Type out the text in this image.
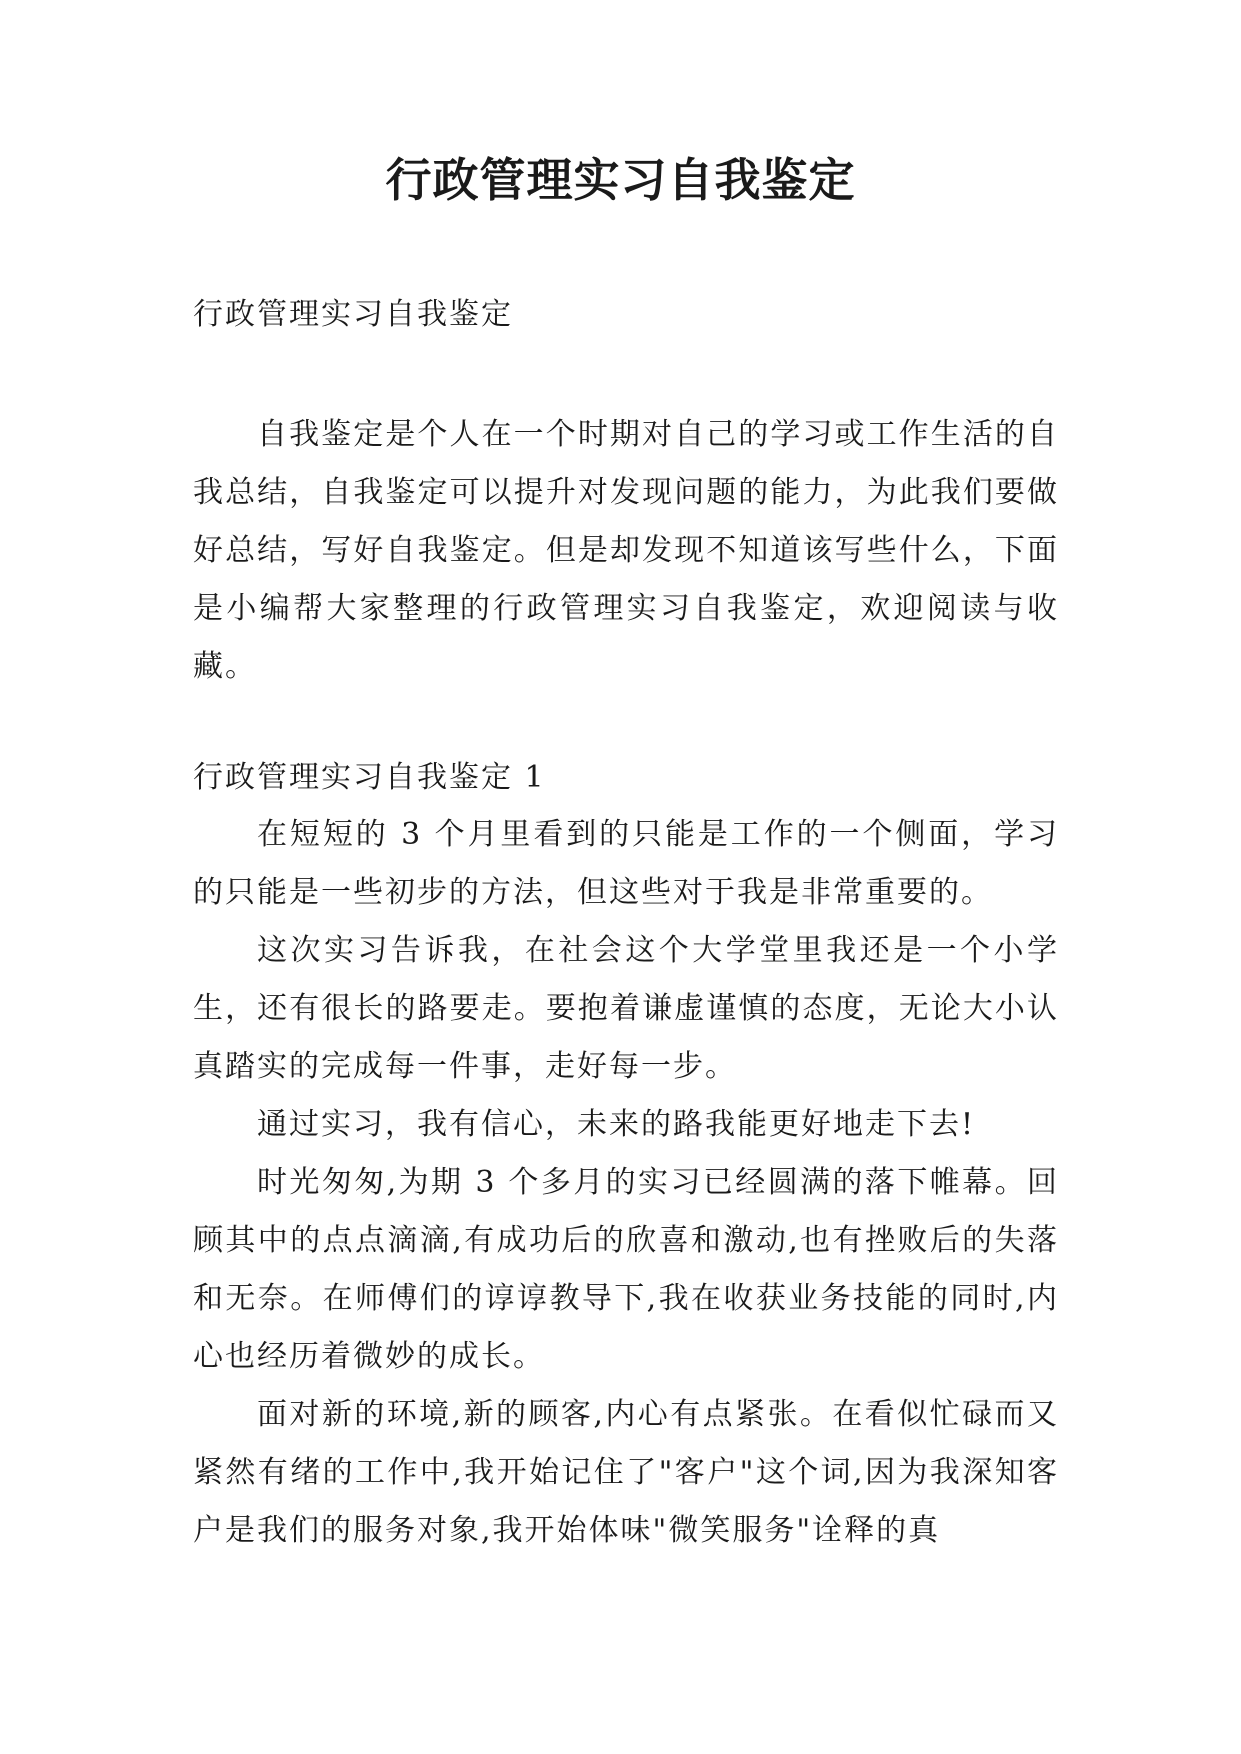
行政管理实习自我鉴定

行政管理实习自我鉴定

自我鉴定是个人在一个时期对自己的学习或工作生活的自我总结，自我鉴定可以提升对发现问题的能力，为此我们要做好总结，写好自我鉴定。但是却发现不知道该写些什么，下面是小编帮大家整理的行政管理实习自我鉴定，欢迎阅读与收藏。

行政管理实习自我鉴定 1

在短短的 3 个月里看到的只能是工作的一个侧面，学习的只能是一些初步的方法，但这些对于我是非常重要的。

这次实习告诉我，在社会这个大学堂里我还是一个小学生，还有很长的路要走。要抱着谦虚谨慎的态度，无论大小认真踏实的完成每一件事，走好每一步。

通过实习，我有信心，未来的路我能更好地走下去!

时光匆匆,为期 3 个多月的实习已经圆满的落下帷幕。回顾其中的点点滴滴,有成功后的欣喜和激动,也有挫败后的失落和无奈。在师傅们的谆谆教导下,我在收获业务技能的同时,内心也经历着微妙的成长。

面对新的环境,新的顾客,内心有点紧张。在看似忙碌而又紧然有绪的工作中,我开始记住了"客户"这个词,因为我深知客户是我们的服务对象,我开始体味"微笑服务"诠释的真
